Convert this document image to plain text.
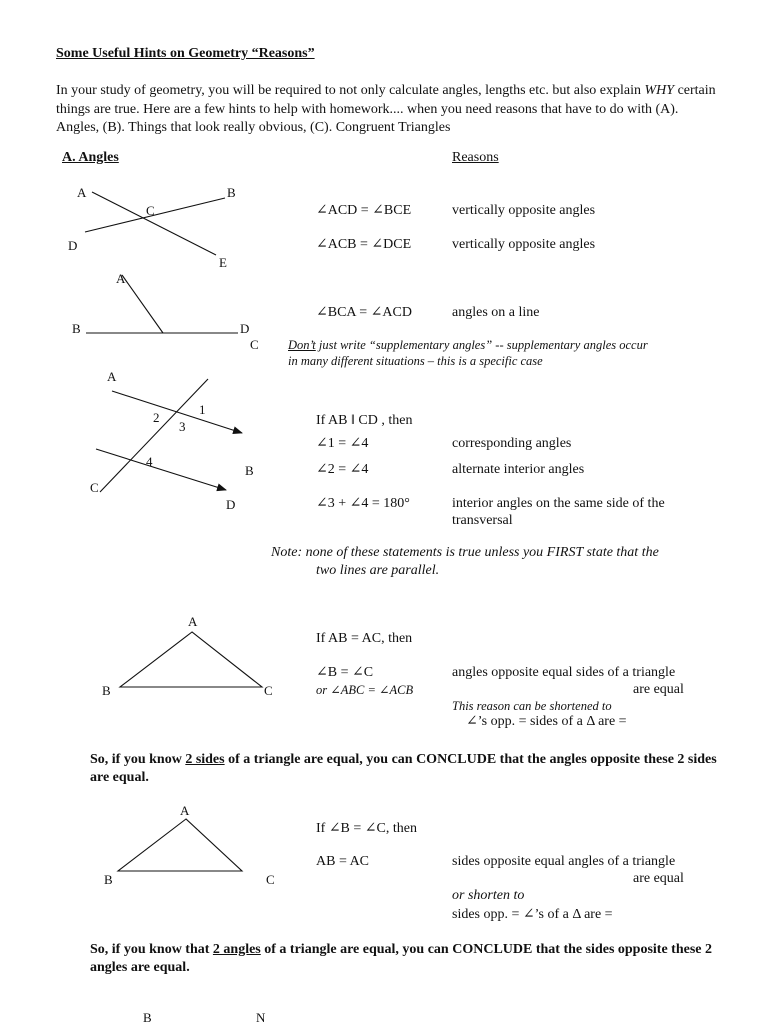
Some Useful Hints on Geometry “Reasons”
In your study of geometry, you will be required to not only calculate angles, lengths etc. but also explain WHY certain things are true. Here are a few hints to help with homework.... when you need reasons that have to do with (A). Angles, (B). Things that look really obvious, (C). Congruent Triangles
A. Angles	Reasons
A	B
C
D
E
∠ACD = ∠BCE	vertically opposite angles
∠ACB = ∠DCE	vertically opposite angles
A
B	D
C
∠BCA = ∠ACD	angles on a line
Don’t just write “supplementary angles” -- supplementary angles occur
in many different situations – this is a specific case
A
1
2
3
4
B
C
D
If AB ǁ CD , then
∠1 = ∠4	corresponding angles
∠2 = ∠4	alternate interior angles
∠3 + ∠4 = 180°	interior angles on the same side of the
transversal
Note: none of these statements is true unless you FIRST state that the
two lines are parallel.
A
B	C
If AB = AC, then
∠B = ∠C
or ∠ABC = ∠ACB
angles opposite equal sides of a triangle
are equal
This reason can be shortened to
∠’s opp. = sides of a Δ are =
So, if you know 2 sides of a triangle are equal, you can CONCLUDE that the angles opposite these 2 sides are equal.
A
B	C
If ∠B = ∠C, then
AB = AC	sides opposite equal angles of a triangle
are equal
or shorten to
sides opp. = ∠’s of a Δ are =
So, if you know that 2 angles of a triangle are equal, you can CONCLUDE that the sides opposite these 2 angles are equal.
B	N
